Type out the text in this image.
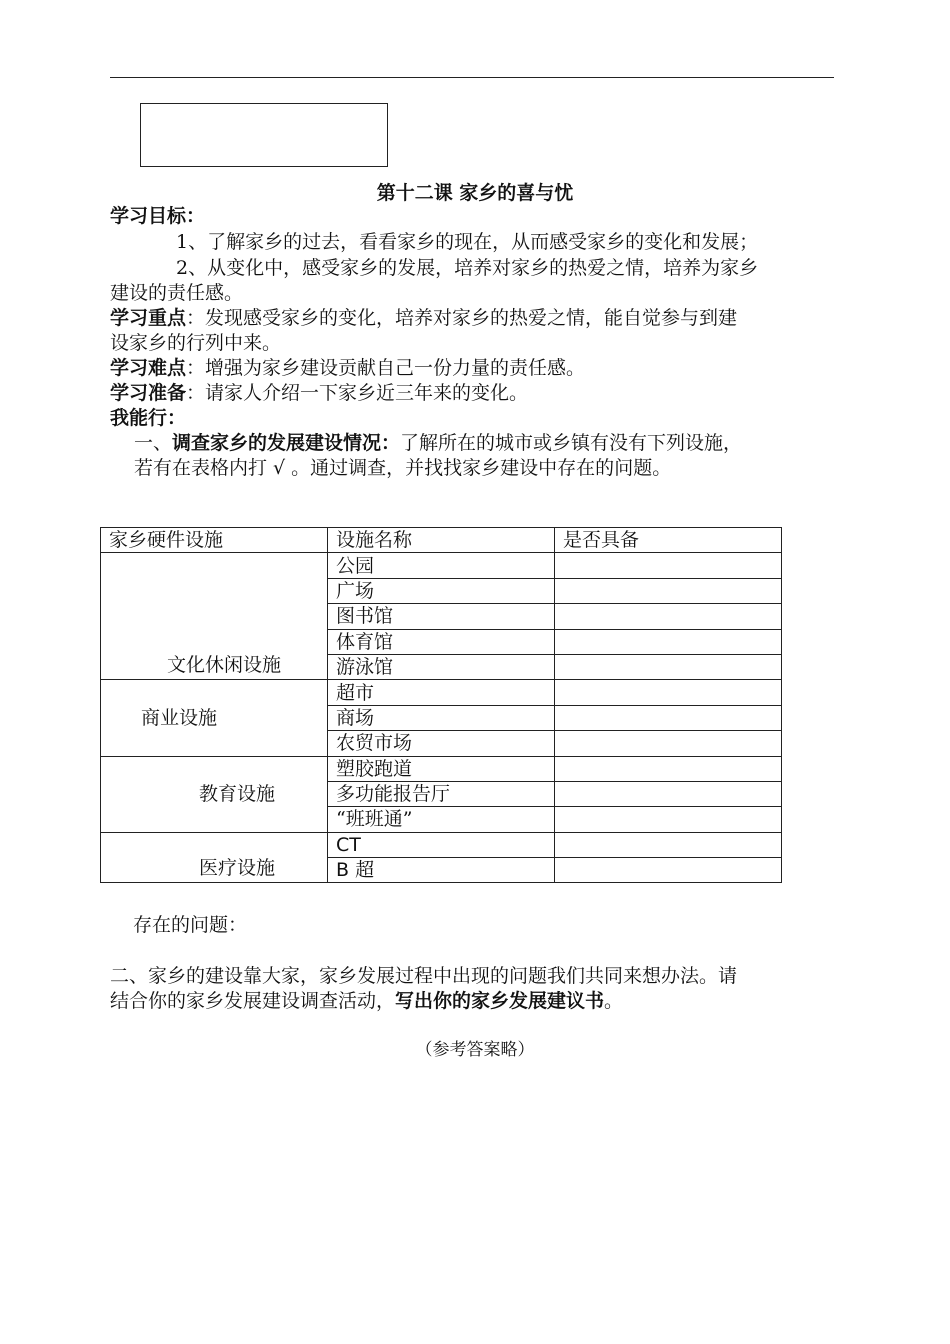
第十二课 家乡的喜与忧
学习目标：
1、了解家乡的过去，看看家乡的现在，从而感受家乡的变化和发展；
2、从变化中，感受家乡的发展，培养对家乡的热爱之情，培养为家乡
建设的责任感。
学习重点：发现感受家乡的变化，培养对家乡的热爱之情，能自觉参与到建
设家乡的行列中来。
学习难点：增强为家乡建设贡献自己一份力量的责任感。
学习准备：请家人介绍一下家乡近三年来的变化。
我能行：
一、调查家乡的发展建设情况：了解所在的城市或乡镇有没有下列设施，
若有在表格内打 √ 。通过调查，并找找家乡建设中存在的问题。
家乡硬件设施	设施名称	是否具备
文化休闲设施	公园	
	广场	
	图书馆	
	体育馆	
	游泳馆	
商业设施	超市	
	商场	
	农贸市场	
教育设施	塑胶跑道	
	多功能报告厅	
	“班班通”	
医疗设施	CT	
	B 超	
存在的问题：
二、家乡的建设靠大家，家乡发展过程中出现的问题我们共同来想办法。请
结合你的家乡发展建设调查活动，写出你的家乡发展建议书。
（参考答案略）
